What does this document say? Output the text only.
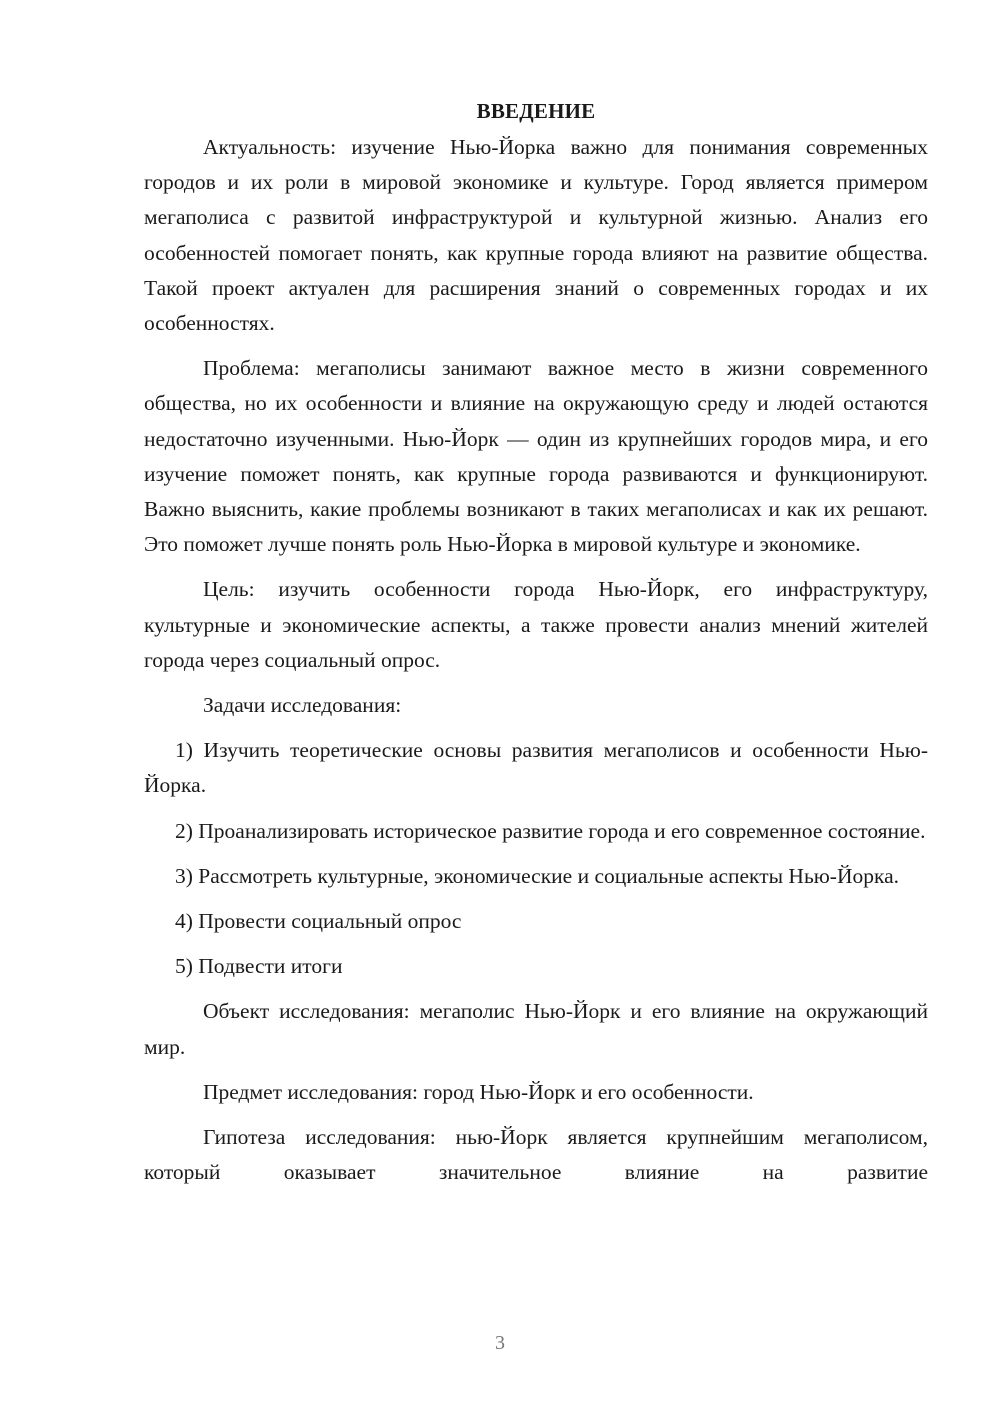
ВВЕДЕНИЕ

Актуальность: изучение Нью-Йорка важно для понимания современных городов и их роли в мировой экономике и культуре. Город является примером мегаполиса с развитой инфраструктурой и культурной жизнью. Анализ его особенностей помогает понять, как крупные города влияют на развитие общества. Такой проект актуален для расширения знаний о современных городах и их особенностях.

Проблема: мегаполисы занимают важное место в жизни современного общества, но их особенности и влияние на окружающую среду и людей остаются недостаточно изученными. Нью-Йорк — один из крупнейших городов мира, и его изучение поможет понять, как крупные города развиваются и функционируют. Важно выяснить, какие проблемы возникают в таких мегаполисах и как их решают. Это поможет лучше понять роль Нью-Йорка в мировой культуре и экономике.

Цель: изучить особенности города Нью-Йорк, его инфраструктуру, культурные и экономические аспекты, а также провести анализ мнений жителей города через социальный опрос.

Задачи исследования:

1) Изучить теоретические основы развития мегаполисов и особенности Нью-Йорка.

2) Проанализировать историческое развитие города и его современное состояние.

3) Рассмотреть культурные, экономические и социальные аспекты Нью-Йорка.

4) Провести социальный опрос

5) Подвести итоги

Объект исследования: мегаполис Нью-Йорк и его влияние на окружающий мир.

Предмет исследования: город Нью-Йорк и его особенности.

Гипотеза исследования: нью-Йорк является крупнейшим мегаполисом, который оказывает значительное влияние на развитие

3
